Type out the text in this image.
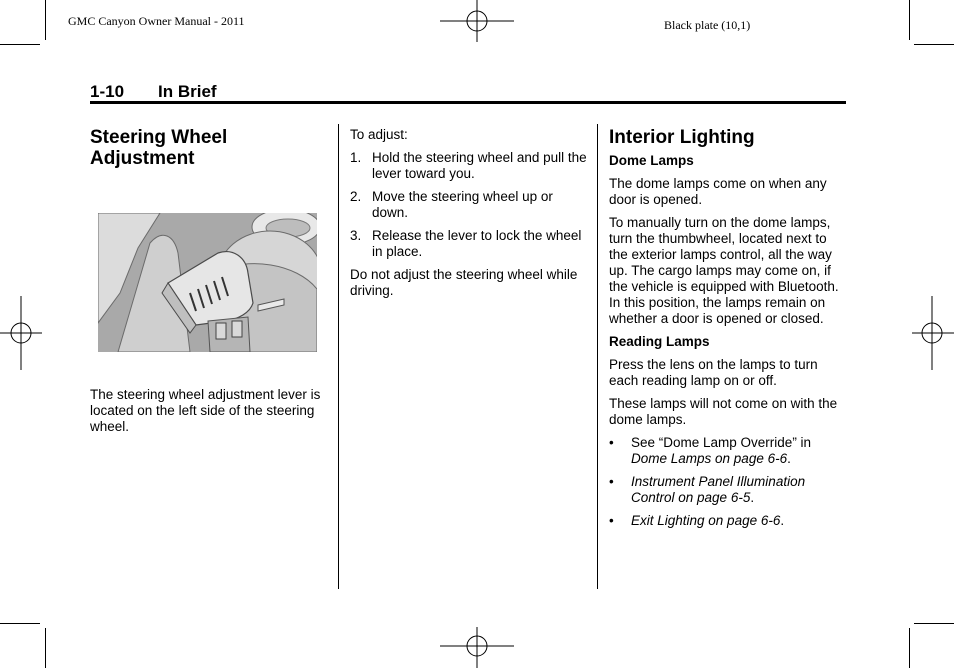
GMC Canyon Owner Manual - 2011	Black plate (10,1)
1-10 In Brief
Steering Wheel Adjustment

The steering wheel adjustment lever is located on the left side of the steering wheel.

To adjust:

1. Hold the steering wheel and pull the lever toward you.
2. Move the steering wheel up or down.
3. Release the lever to lock the wheel in place.

Do not adjust the steering wheel while driving.

Interior Lighting
Dome Lamps

The dome lamps come on when any door is opened.

To manually turn on the dome lamps, turn the thumbwheel, located next to the exterior lamps control, all the way up. The cargo lamps may come on, if the vehicle is equipped with Bluetooth. In this position, the lamps remain on whether a door is opened or closed.

Reading Lamps

Press the lens on the lamps to turn each reading lamp on or off.

These lamps will not come on with the dome lamps.

• See “Dome Lamp Override” in Dome Lamps on page 6-6.
• Instrument Panel Illumination Control on page 6-5.
• Exit Lighting on page 6-6.
